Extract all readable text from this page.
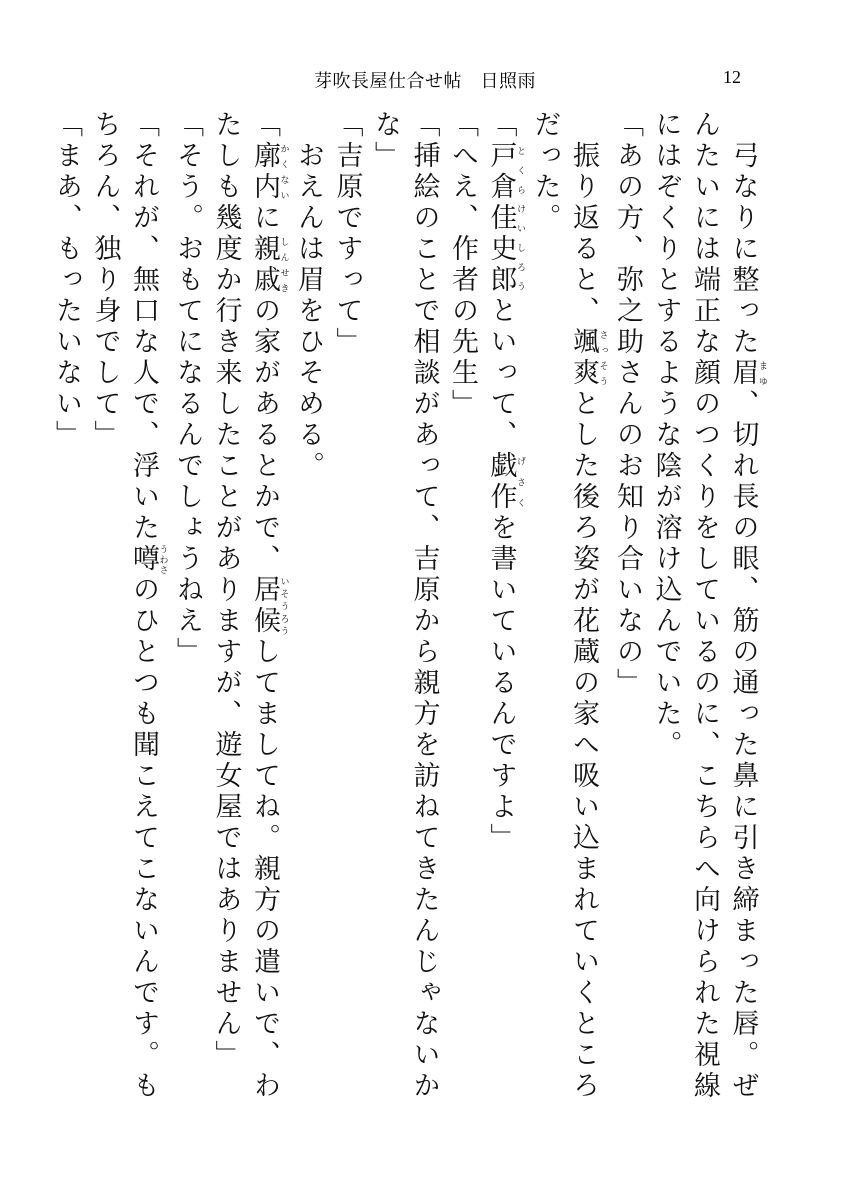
芽吹長屋仕合せ帖　日照雨	12

　弓なりに整った眉まゆ、切れ長の眼、筋の通った鼻に引き締まった唇。ぜんたいには端正な顔のつくりをしているのに、こちらへ向けられた視線にはぞくりとするような陰が溶け込んでいた。

「あの方、弥之助さんのお知り合いなの」

　振り返ると、颯爽さっそうとした後ろ姿が花蔵の家へ吸い込まれていくところだった。

「戸倉佳史郎とくらけいしろうといって、戯作げさくを書いているんですよ」

「へえ、作者の先生」

「挿絵のことで相談があって、吉原から親方を訪ねてきたんじゃないかな」

「吉原ですって」

　おえんは眉をひそめる。

「廓内かくないに親戚しんせきの家があるとかで、居候いそうろうしてましてね。親方の遣いで、わたしも幾度か行き来したことがありますが、遊女屋ではありません」

「そう。おもてになるんでしょうねえ」

「それが、無口な人で、浮いた噂うわさのひとつも聞こえてこないんです。もちろん、独り身でして」

「まあ、もったいない」
